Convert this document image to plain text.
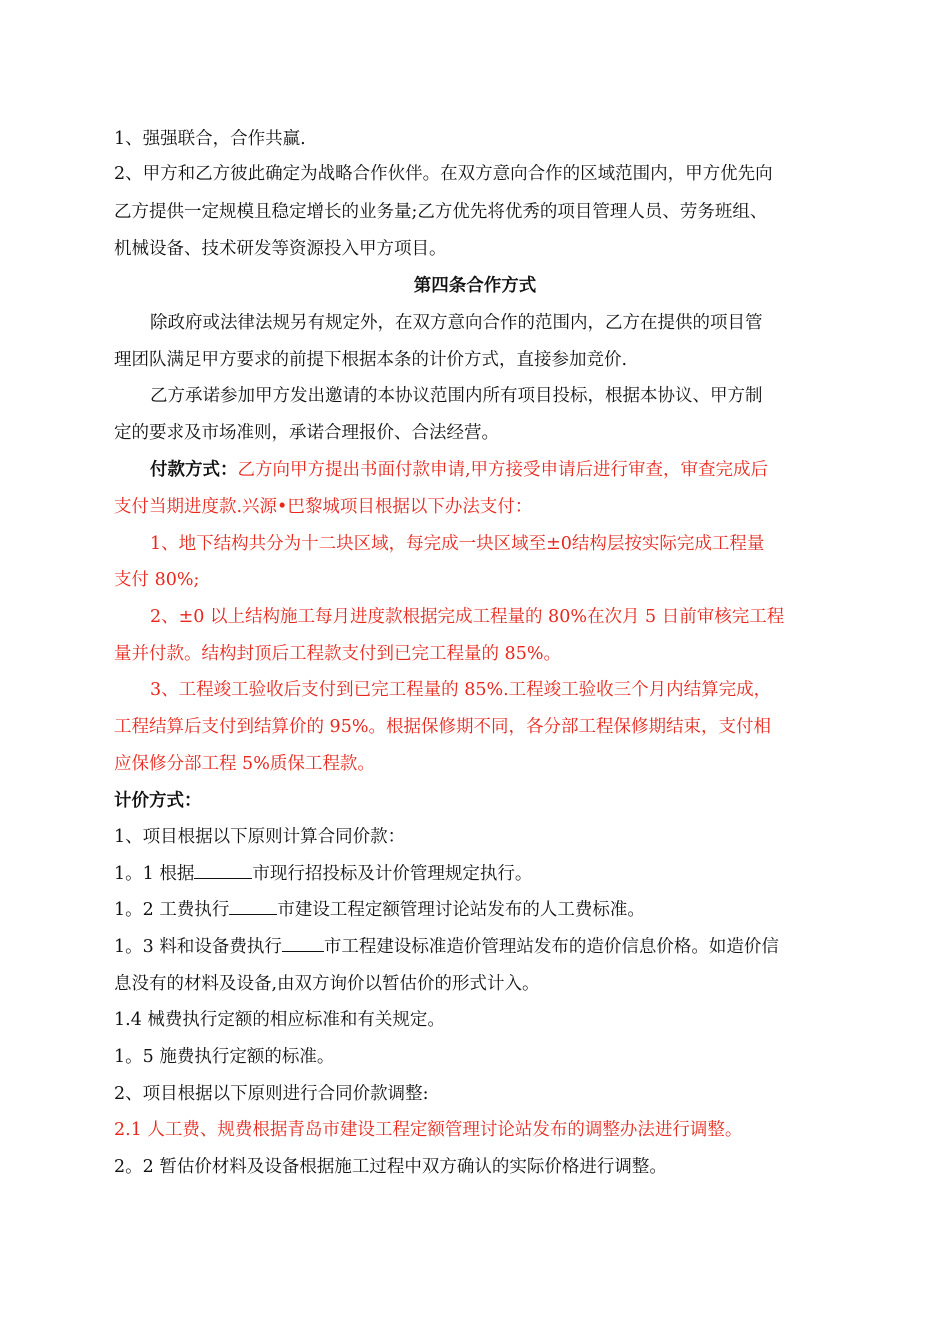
1、强强联合，合作共赢.
2、甲方和乙方彼此确定为战略合作伙伴。在双方意向合作的区域范围内，甲方优先向
乙方提供一定规模且稳定增长的业务量;乙方优先将优秀的项目管理人员、劳务班组、
机械设备、技术研发等资源投入甲方项目。
第四条合作方式
除政府或法律法规另有规定外，在双方意向合作的范围内，乙方在提供的项目管
理团队满足甲方要求的前提下根据本条的计价方式，直接参加竞价.
乙方承诺参加甲方发出邀请的本协议范围内所有项目投标，根据本协议、甲方制
定的要求及市场准则，承诺合理报价、合法经营。
付款方式：乙方向甲方提出书面付款申请,甲方接受申请后进行审查，审查完成后
支付当期进度款.兴源•巴黎城项目根据以下办法支付：
1、地下结构共分为十二块区域，每完成一块区域至±0结构层按实际完成工程量
支付 80%;
2、±0 以上结构施工每月进度款根据完成工程量的 80%在次月 5 日前审核完工程
量并付款。结构封顶后工程款支付到已完工程量的 85%。
3、工程竣工验收后支付到已完工程量的 85%.工程竣工验收三个月内结算完成，
工程结算后支付到结算价的 95%。根据保修期不同，各分部工程保修期结束，支付相
应保修分部工程 5%质保工程款。
计价方式：
1、项目根据以下原则计算合同价款：
1。1 根据	市现行招投标及计价管理规定执行。
1。2 工费执行	市建设工程定额管理讨论站发布的人工费标准。
1。3 料和设备费执行 市工程建设标准造价管理站发布的造价信息价格。如造价信
息没有的材料及设备,由双方询价以暂估价的形式计入。
1.4 械费执行定额的相应标准和有关规定。
1。5 施费执行定额的标准。
2、项目根据以下原则进行合同价款调整:
2.1 人工费、规费根据青岛市建设工程定额管理讨论站发布的调整办法进行调整。
2。2 暂估价材料及设备根据施工过程中双方确认的实际价格进行调整。
